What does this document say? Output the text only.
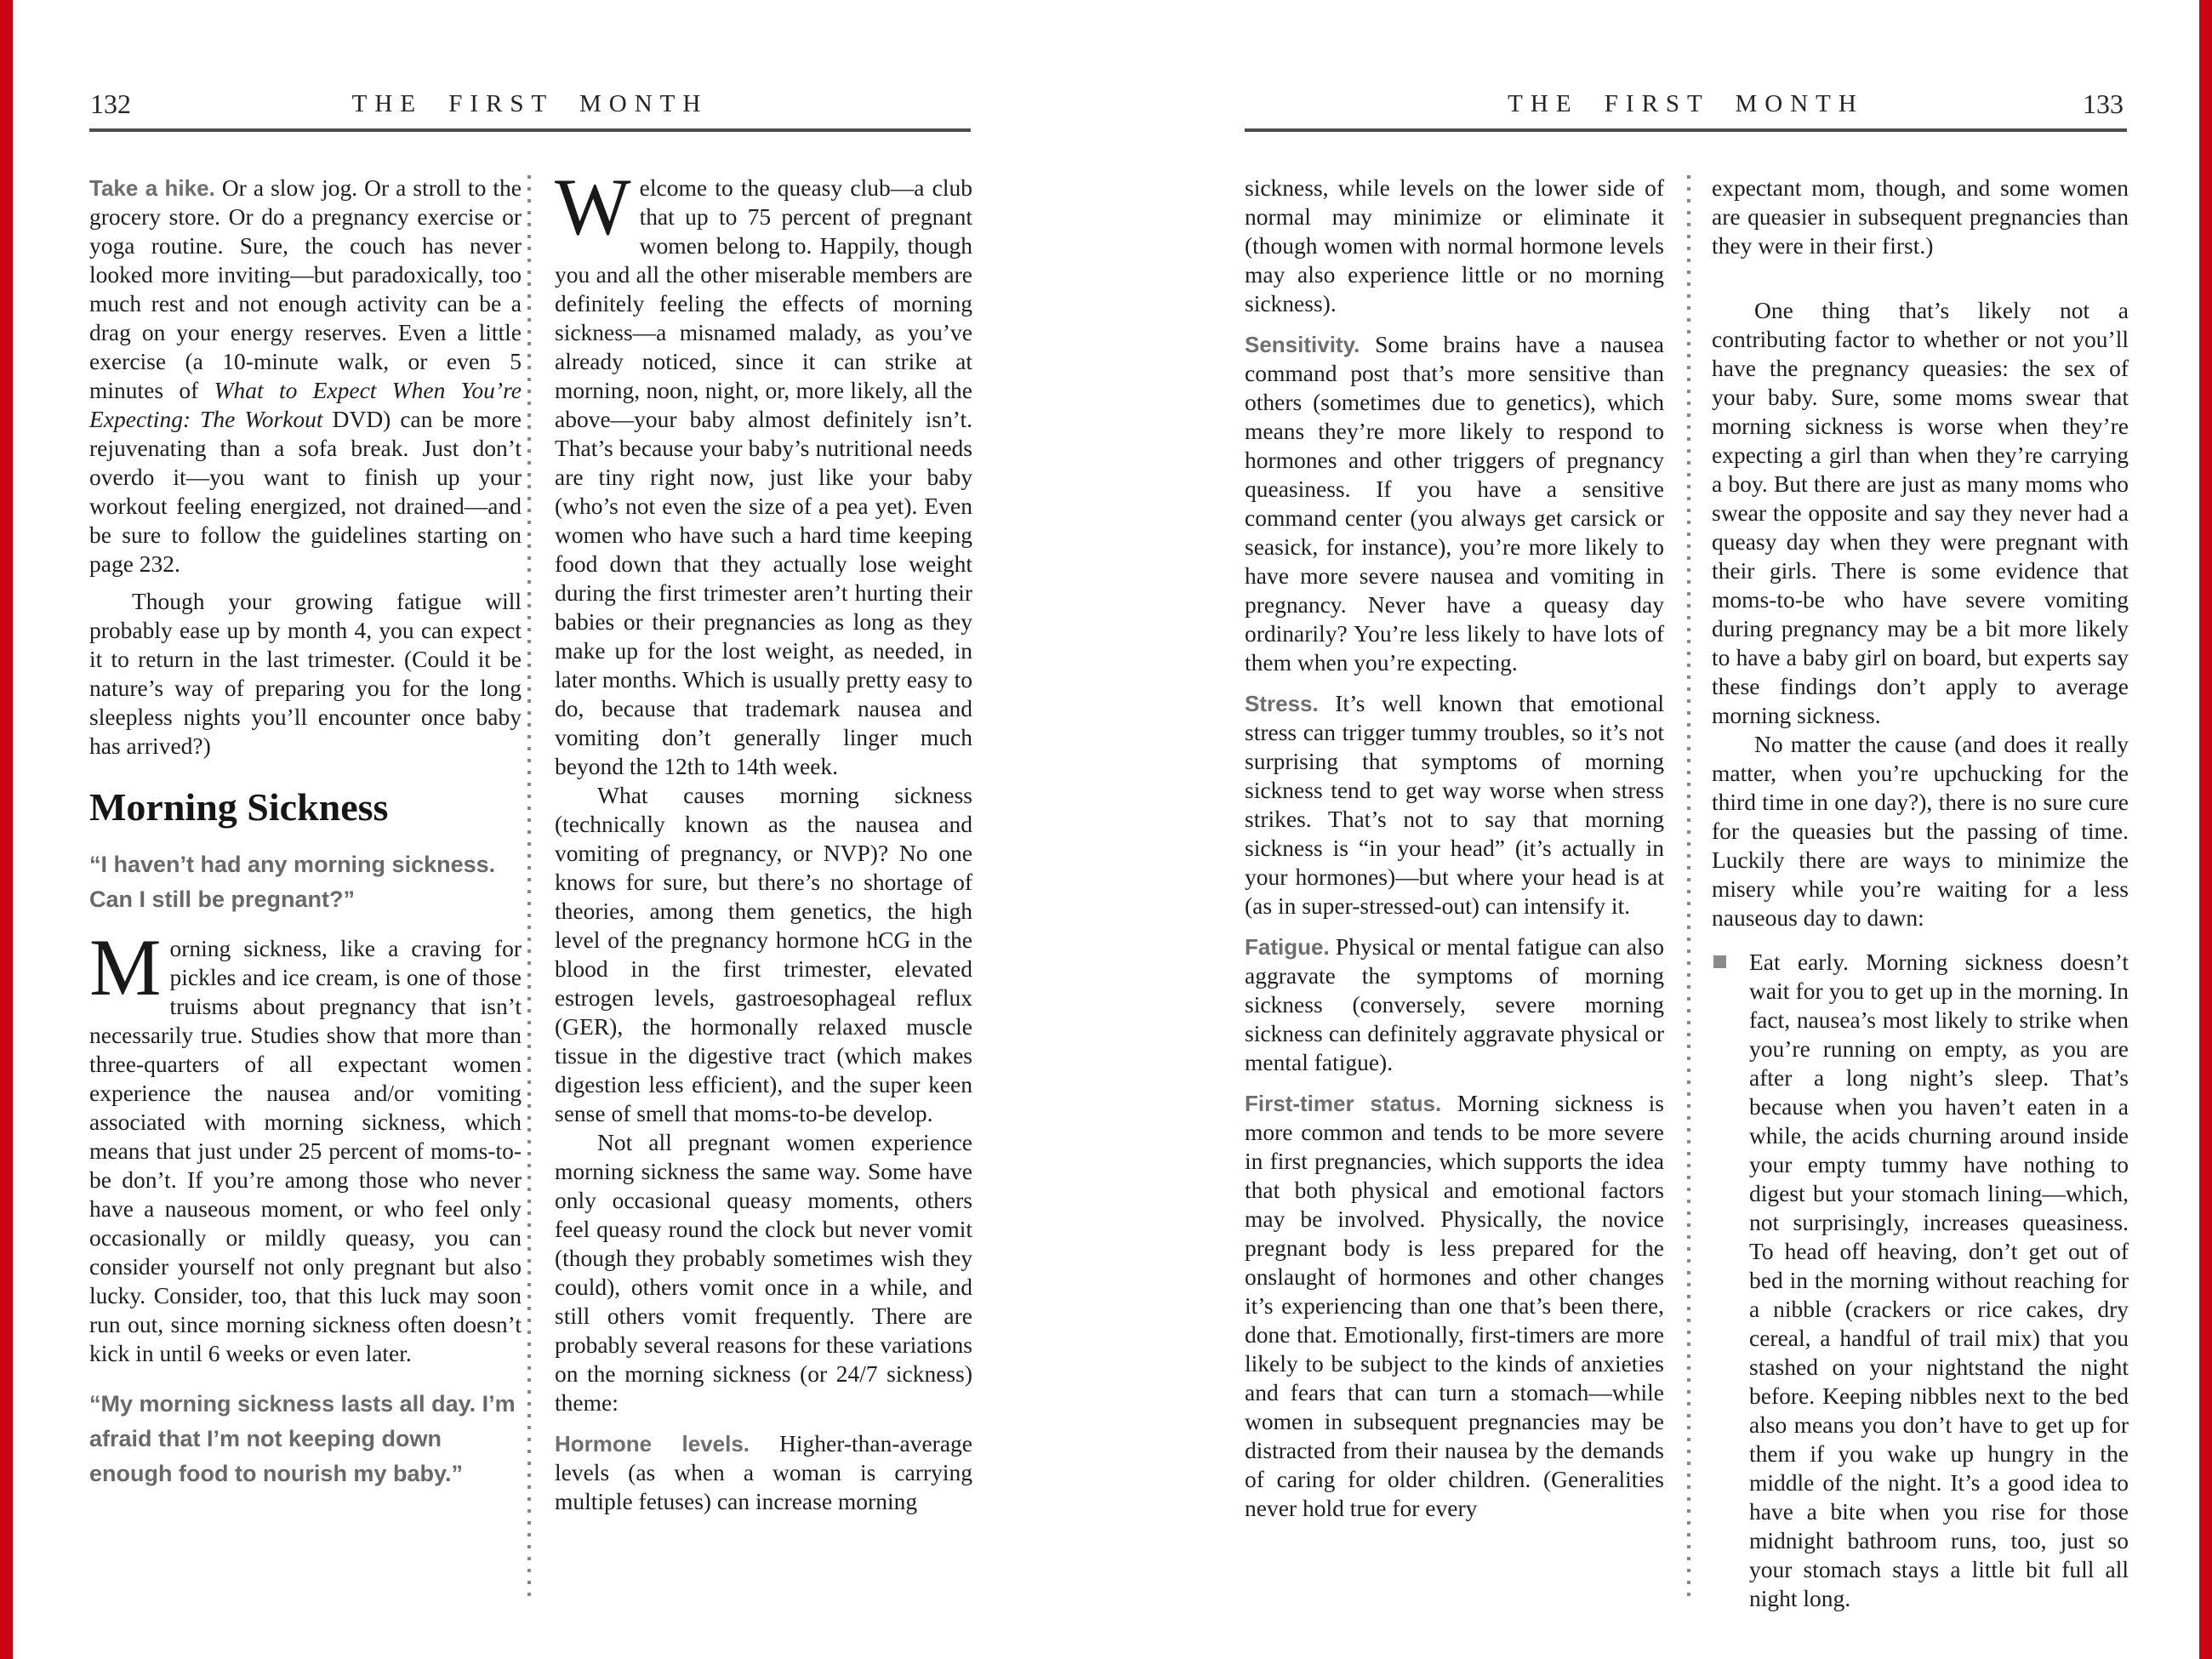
132	THE FIRST MONTH	THE FIRST MONTH	133

Take a hike. Or a slow jog. Or a stroll to the grocery store. Or do a pregnancy exercise or yoga routine. Sure, the couch has never looked more inviting—but paradoxically, too much rest and not enough activity can be a drag on your energy reserves. Even a little exercise (a 10-minute walk, or even 5 minutes of What to Expect When You’re Expecting: The Workout DVD) can be more rejuvenating than a sofa break. Just don’t overdo it—you want to finish up your workout feeling energized, not drained—and be sure to follow the guidelines starting on page 232.

Though your growing fatigue will probably ease up by month 4, you can expect it to return in the last trimester. (Could it be nature’s way of preparing you for the long sleepless nights you’ll encounter once baby has arrived?)

Morning Sickness

“I haven’t had any morning sickness. Can I still be pregnant?”

Morning sickness, like a craving for pickles and ice cream, is one of those truisms about pregnancy that isn’t necessarily true. Studies show that more than three-quarters of all expectant women experience the nausea and/or vomiting associated with morning sickness, which means that just under 25 percent of moms-to-be don’t. If you’re among those who never have a nauseous moment, or who feel only occasionally or mildly queasy, you can consider yourself not only pregnant but also lucky. Consider, too, that this luck may soon run out, since morning sickness often doesn’t kick in until 6 weeks or even later.

“My morning sickness lasts all day. I’m afraid that I’m not keeping down enough food to nourish my baby.”

Welcome to the queasy club—a club that up to 75 percent of pregnant women belong to. Happily, though you and all the other miserable members are definitely feeling the effects of morning sickness—a misnamed malady, as you’ve already noticed, since it can strike at morning, noon, night, or, more likely, all the above—your baby almost definitely isn’t. That’s because your baby’s nutritional needs are tiny right now, just like your baby (who’s not even the size of a pea yet). Even women who have such a hard time keeping food down that they actually lose weight during the first trimester aren’t hurting their babies or their pregnancies as long as they make up for the lost weight, as needed, in later months. Which is usually pretty easy to do, because that trademark nausea and vomiting don’t generally linger much beyond the 12th to 14th week.

What causes morning sickness (technically known as the nausea and vomiting of pregnancy, or NVP)? No one knows for sure, but there’s no shortage of theories, among them genetics, the high level of the pregnancy hormone hCG in the blood in the first trimester, elevated estrogen levels, gastroesophageal reflux (GER), the hormonally relaxed muscle tissue in the digestive tract (which makes digestion less efficient), and the super keen sense of smell that moms-to-be develop.

Not all pregnant women experience morning sickness the same way. Some have only occasional queasy moments, others feel queasy round the clock but never vomit (though they probably sometimes wish they could), others vomit once in a while, and still others vomit frequently. There are probably several reasons for these variations on the morning sickness (or 24/7 sickness) theme:

Hormone levels. Higher-than-average levels (as when a woman is carrying multiple fetuses) can increase morning

sickness, while levels on the lower side of normal may minimize or eliminate it (though women with normal hormone levels may also experience little or no morning sickness).

Sensitivity. Some brains have a nausea command post that’s more sensitive than others (sometimes due to genetics), which means they’re more likely to respond to hormones and other triggers of pregnancy queasiness. If you have a sensitive command center (you always get carsick or seasick, for instance), you’re more likely to have more severe nausea and vomiting in pregnancy. Never have a queasy day ordinarily? You’re less likely to have lots of them when you’re expecting.

Stress. It’s well known that emotional stress can trigger tummy troubles, so it’s not surprising that symptoms of morning sickness tend to get way worse when stress strikes. That’s not to say that morning sickness is “in your head” (it’s actually in your hormones)—but where your head is at (as in super-stressed-out) can intensify it.

Fatigue. Physical or mental fatigue can also aggravate the symptoms of morning sickness (conversely, severe morning sickness can definitely aggravate physical or mental fatigue).

First-timer status. Morning sickness is more common and tends to be more severe in first pregnancies, which supports the idea that both physical and emotional factors may be involved. Physically, the novice pregnant body is less prepared for the onslaught of hormones and other changes it’s experiencing than one that’s been there, done that. Emotionally, first-timers are more likely to be subject to the kinds of anxieties and fears that can turn a stomach—while women in subsequent pregnancies may be distracted from their nausea by the demands of caring for older children. (Generalities never hold true for every

expectant mom, though, and some women are queasier in subsequent pregnancies than they were in their first.)

One thing that’s likely not a contributing factor to whether or not you’ll have the pregnancy queasies: the sex of your baby. Sure, some moms swear that morning sickness is worse when they’re expecting a girl than when they’re carrying a boy. But there are just as many moms who swear the opposite and say they never had a queasy day when they were pregnant with their girls. There is some evidence that moms-to-be who have severe vomiting during pregnancy may be a bit more likely to have a baby girl on board, but experts say these findings don’t apply to average morning sickness.

No matter the cause (and does it really matter, when you’re upchucking for the third time in one day?), there is no sure cure for the queasies but the passing of time. Luckily there are ways to minimize the misery while you’re waiting for a less nauseous day to dawn:

Eat early. Morning sickness doesn’t wait for you to get up in the morning. In fact, nausea’s most likely to strike when you’re running on empty, as you are after a long night’s sleep. That’s because when you haven’t eaten in a while, the acids churning around inside your empty tummy have nothing to digest but your stomach lining—which, not surprisingly, increases queasiness. To head off heaving, don’t get out of bed in the morning without reaching for a nibble (crackers or rice cakes, dry cereal, a handful of trail mix) that you stashed on your nightstand the night before. Keeping nibbles next to the bed also means you don’t have to get up for them if you wake up hungry in the middle of the night. It’s a good idea to have a bite when you rise for those midnight bathroom runs, too, just so your stomach stays a little bit full all night long.
